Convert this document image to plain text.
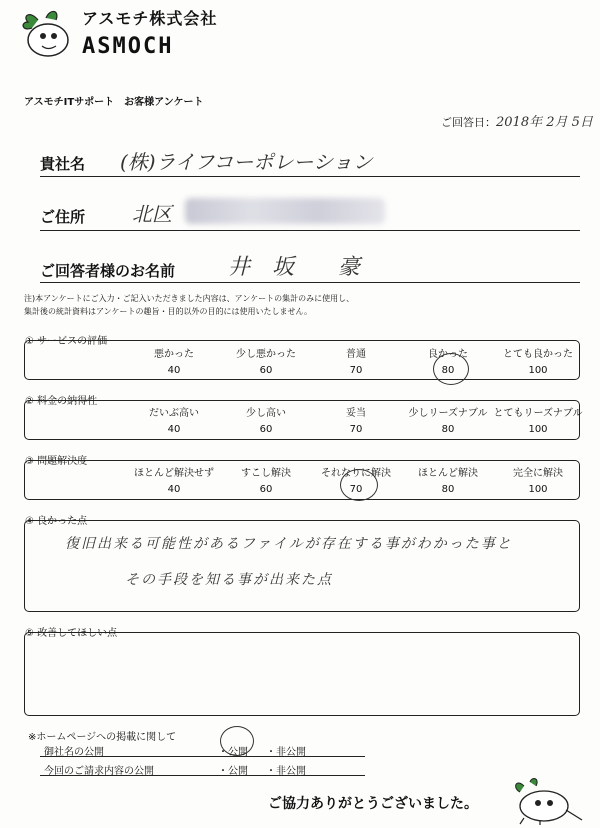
アスモチ株式会社
ASMOCH
アスモチITサポート　お客様アンケート
ご回答日：2018年 2月 5日
貴社名 (株)ライフコーポレーション
ご住所 北区
ご回答者様のお名前 井　坂　　豪
注)本アンケートにご入力・ご記入いただきました内容は、アンケートの集計のみに使用し、
集計後の統計資料はアンケートの趣旨・目的以外の目的には使用いたしません。
① サービスの評価
悪かった
40
少し悪かった
60
普通
70
良かった
80
とても良かった
100
② 料金の納得性
だいぶ高い
40
少し高い
60
妥当
70
少しリーズナブル
80
とてもリーズナブル
100
③ 問題解決度
ほとんど解決せず
40
すこし解決
60
それなりに解決
70
ほとんど解決
80
完全に解決
100
④ 良かった点
復旧出来る可能性があるファイルが存在する事がわかった事と
その手段を知る事が出来た点
⑤ 改善してほしい点
※ホームページへの掲載に関して
御社名の公開	・公開 ・非公開
今回のご請求内容の公開	・公開 ・非公開
ご協力ありがとうございました。
